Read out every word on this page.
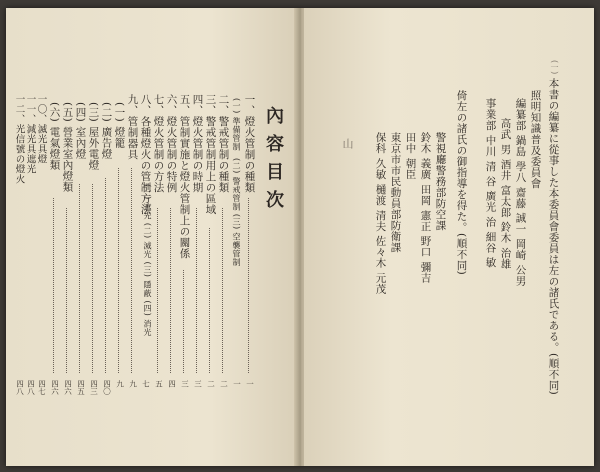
內容目次
一、燈火管制の種類
(一) 準備管制
(二) 警戒管制 (三) 空襲管制
二、警戒管制の種類
三、警戒管制用上の區域
四、燈火管制の時期
五、管制實施と燈火管制上の關係
六、燈火管制の特例
七、燈火管制の方法
八、各種燈火の管制方法
(一) 遮光 (二) 滅光 (三) 隱蔽 (四) 消光
九、管制器具
(一) 燈籠
(二) 廣告燈
(三) 屋外電燈
(四) 室內燈
(五) 營業室內燈類
(六) 電氣燈類
一〇、滅光具燈
一一、減光具遮光
一二、光信號の燈火
一
一
二
二
三
三
四
五
七
九
九
四〇
四三
四五
四六
四六
四七
四八
四八
(一)
本書の編纂に從事した本委員會委員は左の諸氏である。(順不同)
照明知識普及委員會
編纂部 鍋島 學八 齋藤 誠一 岡崎 公男
高武 男 酒井 富太郎 鈴木 治雄
事業部 中川 清 谷 廣光 治 細谷 敏
倚左の諸氏の御指導を得た。(順不同)
警視廳警務部防空課
鈴木 義廣 田岡 憲正 野口 彌吉
田中 朝臣
東京市市民動員部防衛課
保科 久敏 樋渡 清夫 佐々木 元茂
山
